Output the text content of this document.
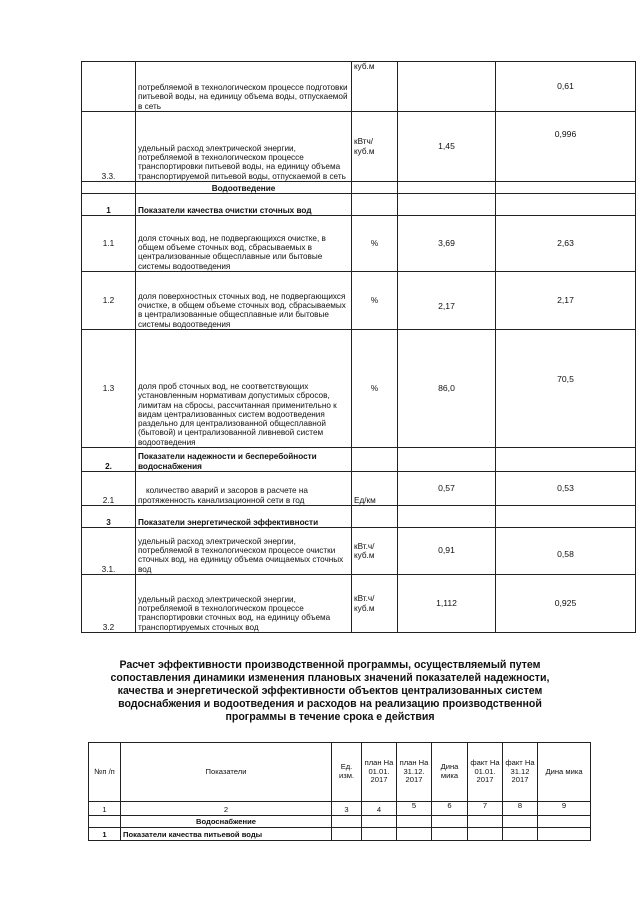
	потребляемой в технологическом процессе подготовки питьевой воды, на единицу объема воды, отпускаемой в сеть	куб.м		0,61
3.3.	удельный расход электрической энергии, потребляемой в технологическом процессе транспортировки питьевой воды, на единицу объема транспортируемой питьевой воды, отпускаемой в сеть	кВтч/ куб.м	1,45	0,996
	Водоотведение			
1	Показатели качества очистки сточных вод			
1.1	доля сточных вод, не подвергающихся очистке, в общем объеме сточных вод, сбрасываемых в централизованные общесплавные или бытовые системы водоотведения	%	3,69	2,63
1.2	доля поверхностных сточных вод, не подвергающихся очистке, в общем объеме сточных вод, сбрасываемых в централизованные общесплавные или бытовые системы водоотведения	%	2,17	2,17
1.3	доля проб сточных вод, не соответствующих установленным нормативам допустимых сбросов, лимитам на сбросы, рассчитанная применительно к видам централизованных систем водоотведения раздельно для централизованной общесплавной (бытовой) и централизованной ливневой систем водоотведения	%	86,0	70,5
2.	Показатели надежности и бесперебойности водоснабжения			
2.1	количество аварий и засоров в расчете на протяженность канализационной сети в год	Ед/км	0,57	0,53
3	Показатели энергетической эффективности			
3.1.	удельный расход электрической энергии, потребляемой в технологическом процессе очистки сточных вод, на единицу объема очищаемых сточных вод	кВт.ч/ куб.м	0,91	0,58
3.2	удельный расход электрической энергии, потребляемой в технологическом процессе транспортировки сточных вод, на единицу объема транспортируемых сточных вод	кВт.ч/ куб.м	1,112	0,925
Расчет эффективности производственной программы, осуществляемый путем
сопоставления динамики изменения плановых значений показателей надежности,
качества и энергетической эффективности объектов централизованных систем
водоснабжения и водоотведения и расходов на реализацию производственной
программы в течение срока е действия
№п /п	Показатели	Ед. изм.	план На 01.01. 2017	план На 31.12. 2017	Дина мика	факт На 01.01. 2017	факт На 31.12 2017	Дина мика
1	2	3	4	5	6	7	8	9
	Водоснабжение							
1	Показатели качества питьевой воды							
